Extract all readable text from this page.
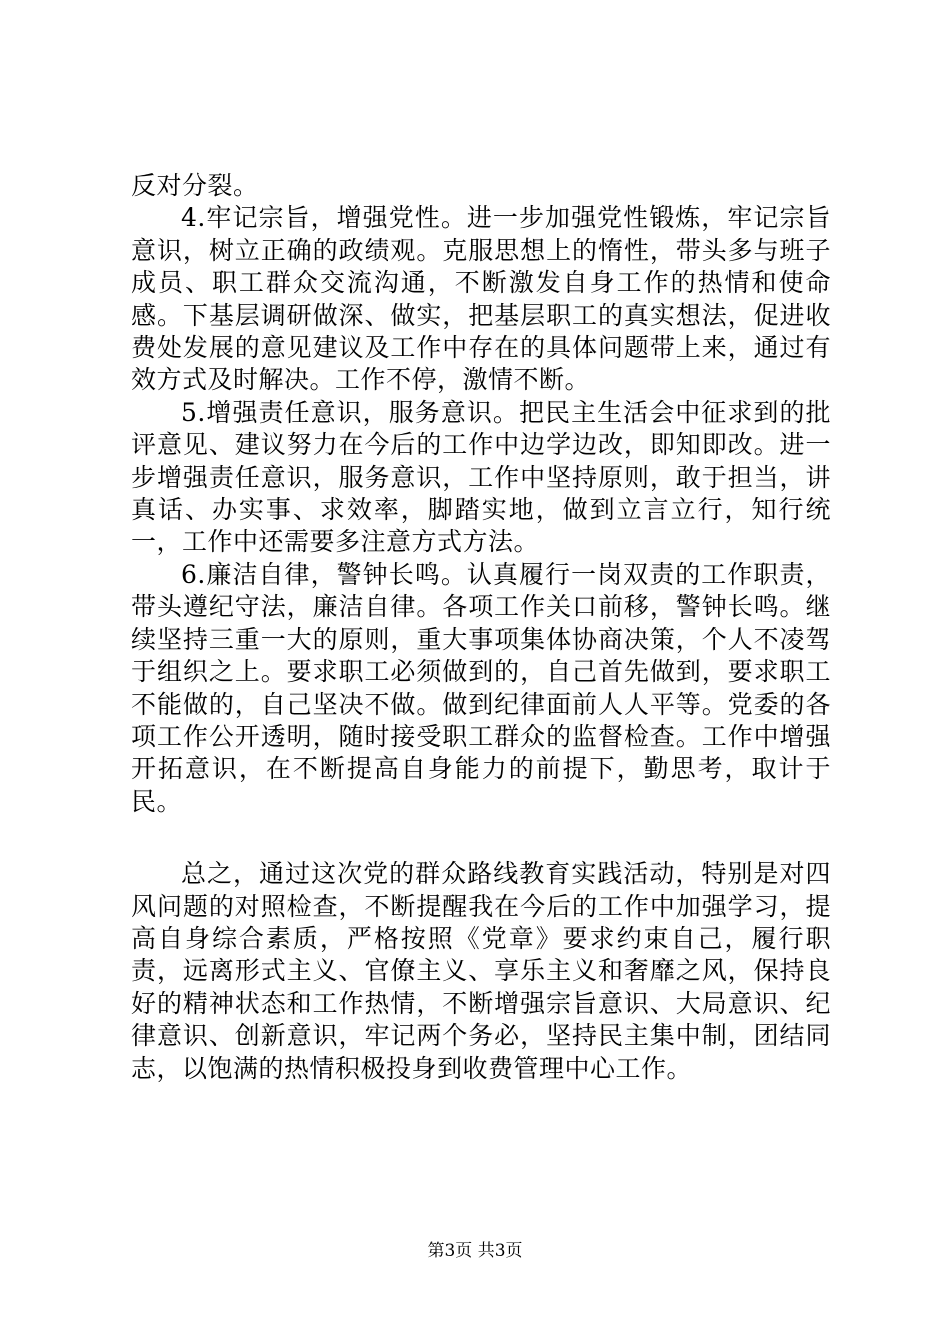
反对分裂。

4.牢记宗旨，增强党性。进一步加强党性锻炼，牢记宗旨意识，树立正确的政绩观。克服思想上的惰性，带头多与班子成员、职工群众交流沟通，不断激发自身工作的热情和使命感。下基层调研做深、做实，把基层职工的真实想法，促进收费处发展的意见建议及工作中存在的具体问题带上来，通过有效方式及时解决。工作不停，激情不断。

5.增强责任意识，服务意识。把民主生活会中征求到的批评意见、建议努力在今后的工作中边学边改，即知即改。进一步增强责任意识，服务意识，工作中坚持原则，敢于担当，讲真话、办实事、求效率，脚踏实地，做到立言立行，知行统一，工作中还需要多注意方式方法。

6.廉洁自律，警钟长鸣。认真履行一岗双责的工作职责，带头遵纪守法，廉洁自律。各项工作关口前移，警钟长鸣。继续坚持三重一大的原则，重大事项集体协商决策，个人不凌驾于组织之上。要求职工必须做到的，自己首先做到，要求职工不能做的，自己坚决不做。做到纪律面前人人平等。党委的各项工作公开透明，随时接受职工群众的监督检查。工作中增强开拓意识，在不断提高自身能力的前提下，勤思考，取计于民。

总之，通过这次党的群众路线教育实践活动，特别是对四风问题的对照检查，不断提醒我在今后的工作中加强学习，提高自身综合素质，严格按照《党章》要求约束自己，履行职责，远离形式主义、官僚主义、享乐主义和奢靡之风，保持良好的精神状态和工作热情，不断增强宗旨意识、大局意识、纪律意识、创新意识，牢记两个务必，坚持民主集中制，团结同志，以饱满的热情积极投身到收费管理中心工作。

第3页 共3页
